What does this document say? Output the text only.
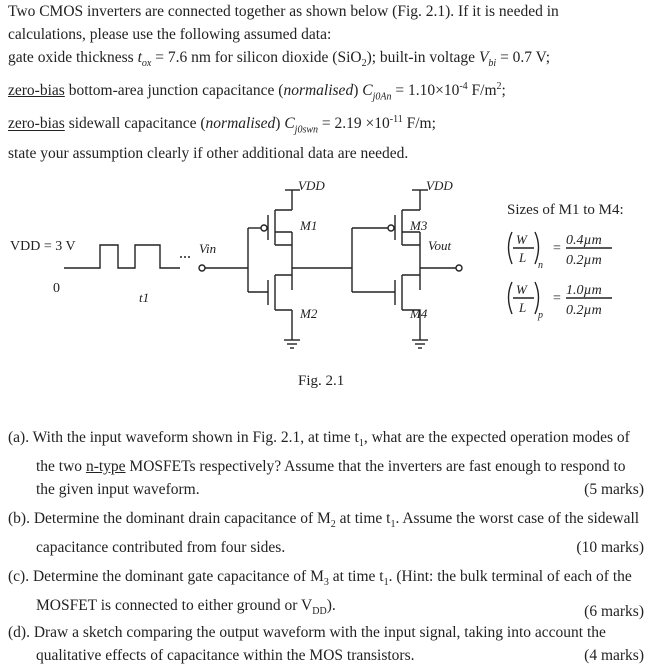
Two CMOS inverters are connected together as shown below (Fig. 2.1). If it is needed in
calculations, please use the following assumed data:
gate oxide thickness $t_{ox} = 7.6$ nm for silicon dioxide (SiO$_2$); built-in voltage $V_{bi} = 0.7$ V;
zero-bias bottom-area junction capacitance (normalised) $C_{j0An} = 1.10\times 10^{-4}$ $F/m^2$;
zero-bias sidewall capacitance (normalised) $C_{j0swn} = 2.19 \times 10^{-11}$ F/m;
state your assumption clearly if other additional data are needed.
VDD = 3 V
0
t1
Vin
VDD
M1
M2
VDD
M3
Vout
M4
Fig. 2.1
Sizes of M1 to M4:
W
L
n
=
0.4µm
0.2µm
W
L
p
=
1.0µm
0.2µm
(a). With the input waveform shown in Fig. 2.1, at time $t_1$, what are the expected operation modes of the two n-type MOSFETs respectively? Assume that the inverters are fast enough to respond to the given input waveform.	(5 marks)
(b). Determine the dominant drain capacitance of $M_2$ at time $t_1$. Assume the worst case of the sidewall capacitance contributed from four sides.	(10 marks)
(c). Determine the dominant gate capacitance of $M_3$ at time $t_1$. (Hint: the bulk terminal of each of the MOSFET is connected to either ground or $V_{DD}$).	(6 marks)
(d). Draw a sketch comparing the output waveform with the input signal, taking into account the qualitative effects of capacitance within the MOS transistors.	(4 marks)
